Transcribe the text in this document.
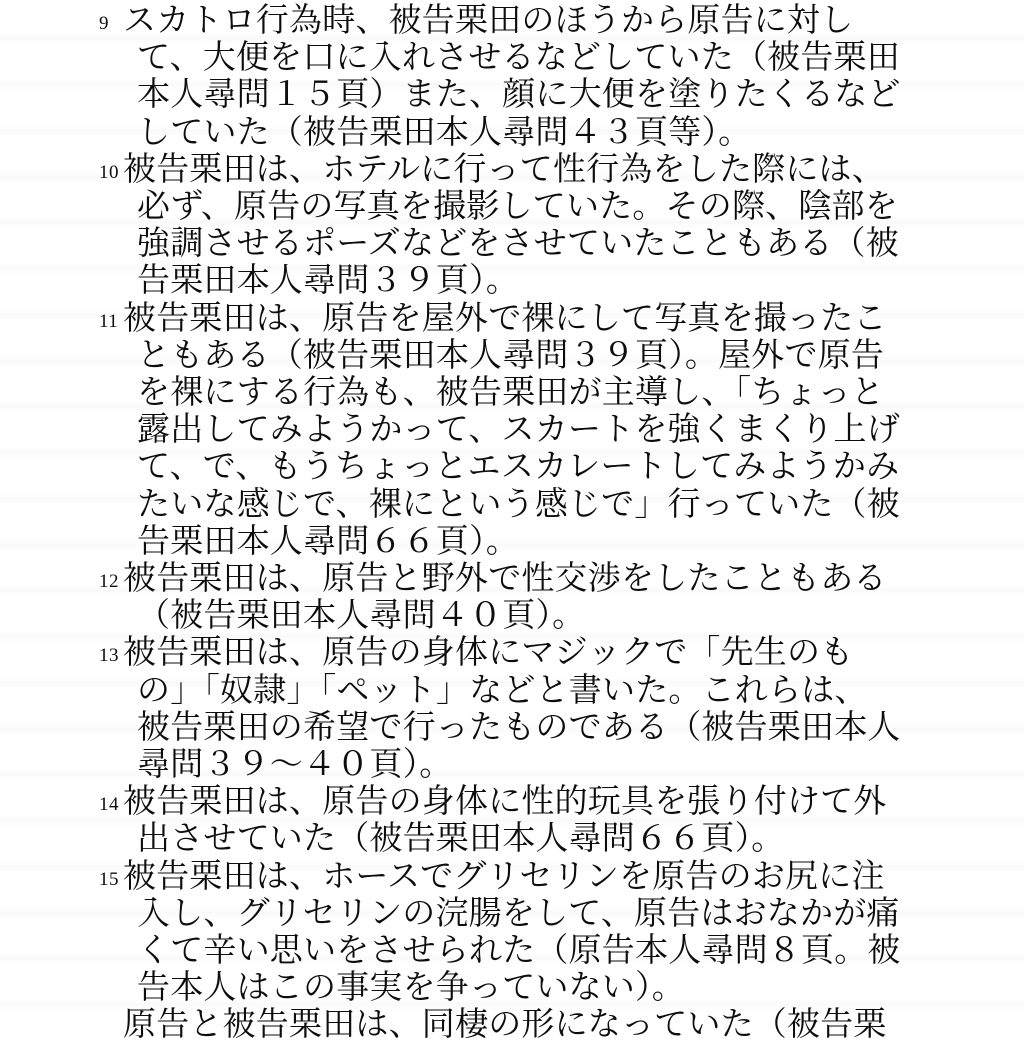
9 スカトロ行為時、被告栗田のほうから原告に対し
て、大便を口に入れさせるなどしていた（被告栗田
本人尋問１５頁）また、顔に大便を塗りたくるなど
していた（被告栗田本人尋問４３頁等）。
10 被告栗田は、ホテルに行って性行為をした際には、
必ず、原告の写真を撮影していた。その際、陰部を
強調させるポーズなどをさせていたこともある（被
告栗田本人尋問３９頁）。
11 被告栗田は、原告を屋外で裸にして写真を撮ったこ
ともある（被告栗田本人尋問３９頁）。屋外で原告
を裸にする行為も、被告栗田が主導し、「ちょっと
露出してみようかって、スカートを強くまくり上げ
て、で、もうちょっとエスカレートしてみようかみ
たいな感じで、裸にという感じで」行っていた（被
告栗田本人尋問６６頁）。
12 被告栗田は、原告と野外で性交渉をしたこともある
（被告栗田本人尋問４０頁）。
13 被告栗田は、原告の身体にマジックで「先生のも
の」「奴隷」「ペット」などと書いた。これらは、
被告栗田の希望で行ったものである（被告栗田本人
尋問３９～４０頁）。
14 被告栗田は、原告の身体に性的玩具を張り付けて外
出させていた（被告栗田本人尋問６６頁）。
15 被告栗田は、ホースでグリセリンを原告のお尻に注
入し、グリセリンの浣腸をして、原告はおなかが痛
くて辛い思いをさせられた（原告本人尋問８頁。被
告本人はこの事実を争っていない）。
原告と被告栗田は、同棲の形になっていた（被告栗
